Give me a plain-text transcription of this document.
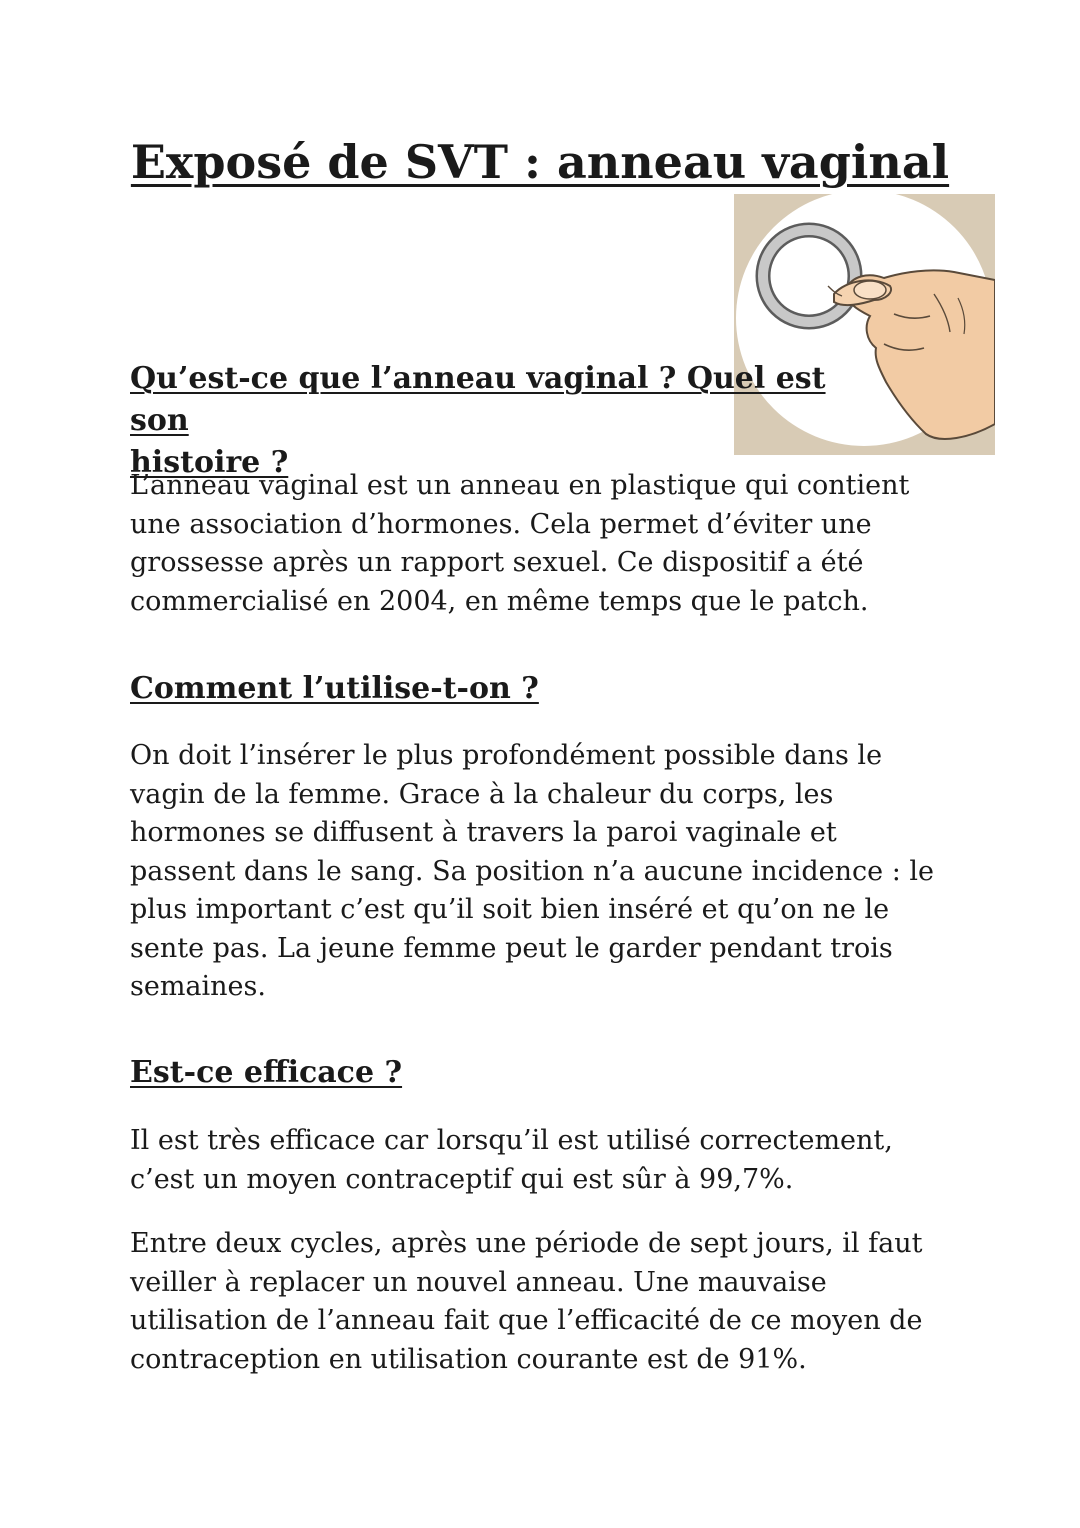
Exposé de SVT : anneau vaginal
Qu’est-ce que l’anneau vaginal ? Quel est son
histoire ?

L’anneau vaginal est un anneau en plastique qui contient
une association d’hormones. Cela permet d’éviter une
grossesse après un rapport sexuel. Ce dispositif a été
commercialisé en 2004, en même temps que le patch.

Comment l’utilise-t-on ?

On doit l’insérer le plus profondément possible dans le
vagin de la femme. Grace à la chaleur du corps, les
hormones se diffusent à travers la paroi vaginale et
passent dans le sang. Sa position n’a aucune incidence : le
plus important c’est qu’il soit bien inséré et qu’on ne le
sente pas. La jeune femme peut le garder pendant trois
semaines.

Est-ce efficace ?

Il est très efficace car lorsqu’il est utilisé correctement,
c’est un moyen contraceptif qui est sûr à 99,7%.

Entre deux cycles, après une période de sept jours, il faut
veiller à replacer un nouvel anneau. Une mauvaise
utilisation de l’anneau fait que l’efficacité de ce moyen de
contraception en utilisation courante est de 91%.
